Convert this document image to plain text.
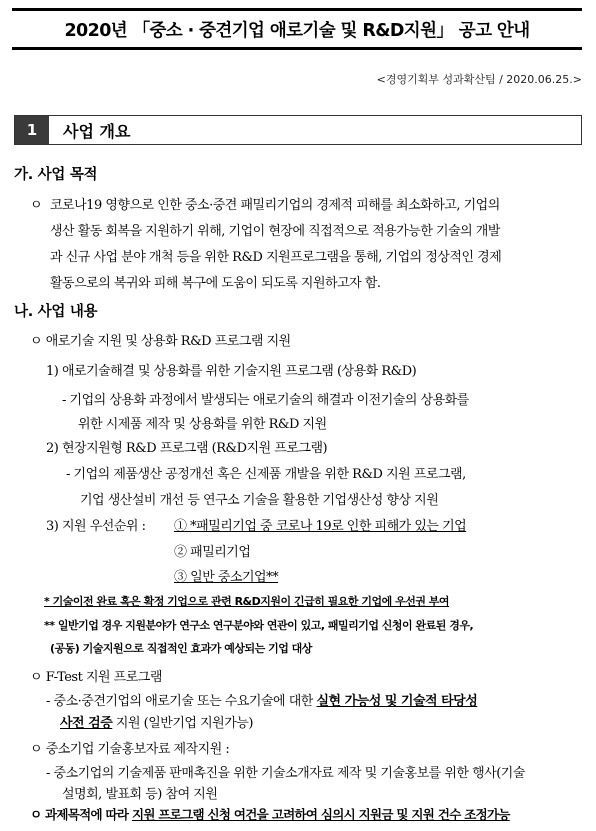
2020년 「중소 · 중견기업 애로기술 및 R&D지원」 공고 안내
<경영기획부 성과확산팀 / 2020.06.25.>
1	사업 개요
가. 사업 목적
ㅇ 코로나19 영향으로 인한 중소·중견 패밀리기업의 경제적 피해를 최소화하고, 기업의
생산 활동 회복을 지원하기 위해, 기업이 현장에 직접적으로 적용가능한 기술의 개발
과 신규 사업 분야 개척 등을 위한 R&D 지원프로그램을 통해, 기업의 정상적인 경제
활동으로의 복귀와 피해 복구에 도움이 되도록 지원하고자 함.
나. 사업 내용
ㅇ 애로기술 지원 및 상용화 R&D 프로그램 지원
1) 애로기술해결 및 상용화를 위한 기술지원 프로그램 (상용화 R&D)
- 기업의 상용화 과정에서 발생되는 애로기술의 해결과 이전기술의 상용화를
위한 시제품 제작 및 상용화를 위한 R&D 지원
2) 현장지원형 R&D 프로그램 (R&D지원 프로그램)
- 기업의 제품생산 공정개선 혹은 신제품 개발을 위한 R&D 지원 프로그램,
기업 생산설비 개선 등 연구소 기술을 활용한 기업생산성 향상 지원
3) 지원 우선순위 : ① *패밀리기업 중 코로나 19로 인한 피해가 있는 기업
② 패밀리기업
③ 일반 중소기업**
* 기술이전 완료 혹은 확정 기업으로 관련 R&D지원이 긴급히 필요한 기업에 우선권 부여
** 일반기업 경우 지원분야가 연구소 연구분야와 연관이 있고, 패밀리기업 신청이 완료된 경우,
(공동) 기술지원으로 직접적인 효과가 예상되는 기업 대상
ㅇ F-Test 지원 프로그램
- 중소·중견기업의 애로기술 또는 수요기술에 대한 실현 가능성 및 기술적 타당성
사전 검증 지원 (일반기업 지원가능)
ㅇ 중소기업 기술홍보자료 제작지원 :
- 중소기업의 기술제품 판매촉진을 위한 기술소개자료 제작 및 기술홍보를 위한 행사(기술
설명회, 발표회 등) 참여 지원
ㅇ 과제목적에 따라 지원 프로그램 신청 여건을 고려하여 심의시 지원금 및 지원 건수 조정가능
